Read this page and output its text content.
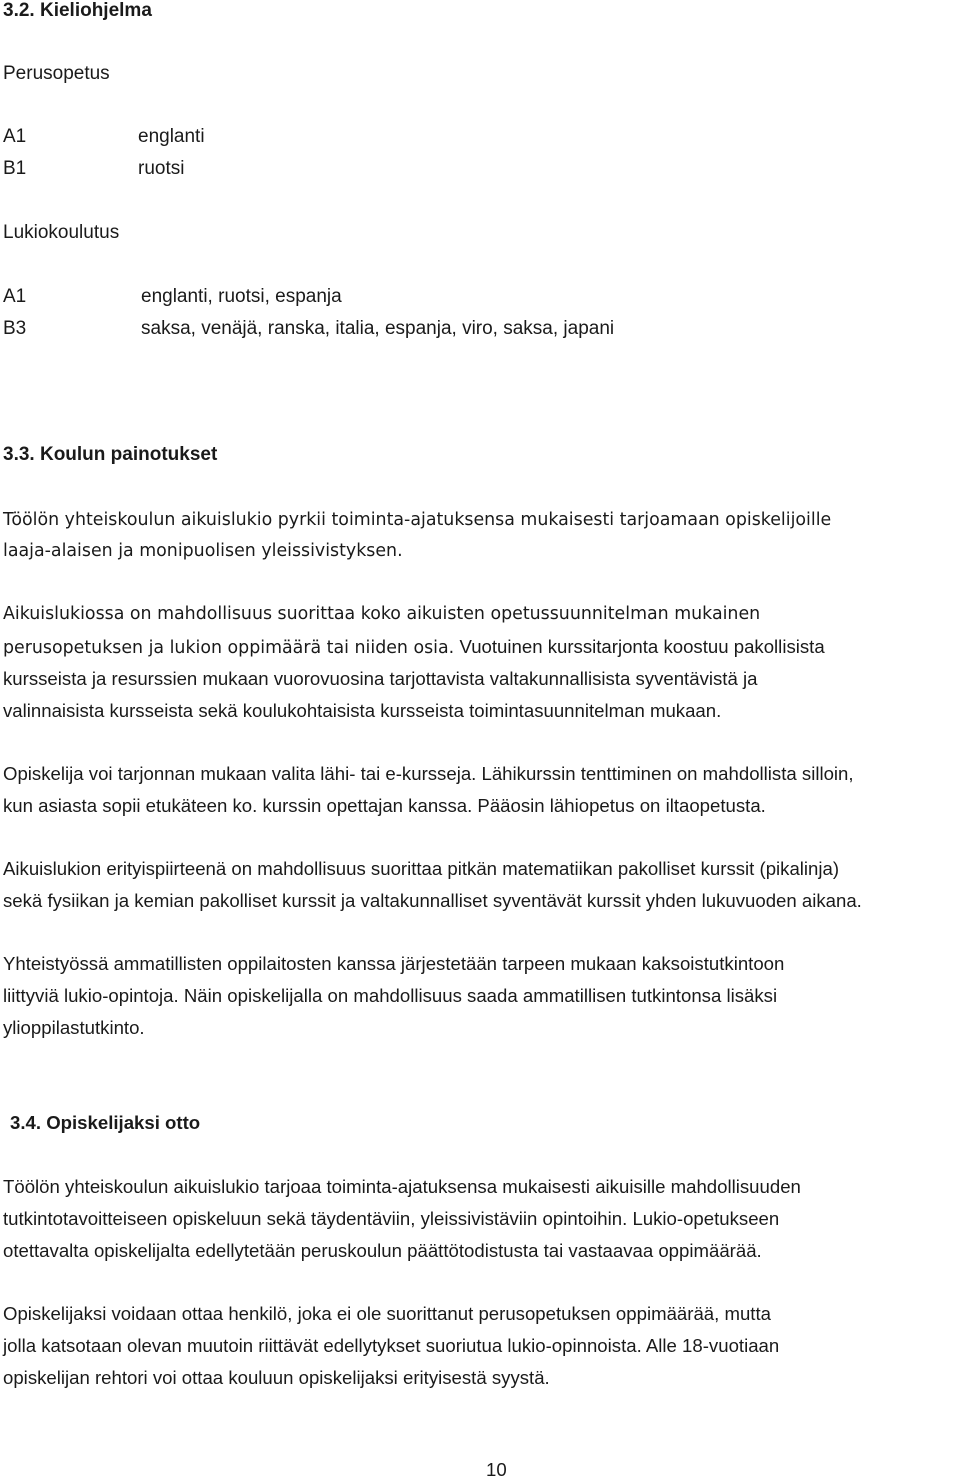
3.2. Kieliohjelma
Perusopetus
A1	englanti
B1	ruotsi
Lukiokoulutus
A1	englanti, ruotsi, espanja
B3	saksa, venäjä, ranska, italia, espanja, viro, saksa, japani
3.3. Koulun painotukset
Töölön yhteiskoulun aikuislukio pyrkii toiminta-ajatuksensa mukaisesti tarjoamaan opiskelijoille
laaja-alaisen ja monipuolisen yleissivistyksen.
Aikuislukiossa on mahdollisuus suorittaa koko aikuisten opetussuunnitelman mukainen
perusopetuksen ja lukion oppimäärä tai niiden osia. Vuotuinen kurssitarjonta koostuu pakollisista
kursseista ja resurssien mukaan vuorovuosina tarjottavista valtakunnallisista syventävistä ja
valinnaisista kursseista sekä koulukohtaisista kursseista toimintasuunnitelman mukaan.
Opiskelija voi tarjonnan mukaan valita lähi- tai e-kursseja. Lähikurssin tenttiminen on mahdollista silloin,
kun asiasta sopii etukäteen ko. kurssin opettajan kanssa. Pääosin lähiopetus on iltaopetusta.
Aikuislukion erityispiirteenä on mahdollisuus suorittaa pitkän matematiikan pakolliset kurssit (pikalinja)
sekä fysiikan ja kemian pakolliset kurssit ja valtakunnalliset syventävät kurssit yhden lukuvuoden aikana.
Yhteistyössä ammatillisten oppilaitosten kanssa järjestetään tarpeen mukaan kaksoistutkintoon
liittyviä lukio-opintoja. Näin opiskelijalla on mahdollisuus saada ammatillisen tutkintonsa lisäksi
ylioppilastutkinto.
3.4. Opiskelijaksi otto
Töölön yhteiskoulun aikuislukio tarjoaa toiminta-ajatuksensa mukaisesti aikuisille mahdollisuuden
tutkintotavoitteiseen opiskeluun sekä täydentäviin, yleissivistäviin opintoihin. Lukio-opetukseen
otettavalta opiskelijalta edellytetään peruskoulun päättötodistusta tai vastaavaa oppimäärää.
Opiskelijaksi voidaan ottaa henkilö, joka ei ole suorittanut perusopetuksen oppimäärää, mutta
jolla katsotaan olevan muutoin riittävät edellytykset suoriutua lukio-opinnoista. Alle 18-vuotiaan
opiskelijan rehtori voi ottaa kouluun opiskelijaksi erityisestä syystä.
10
